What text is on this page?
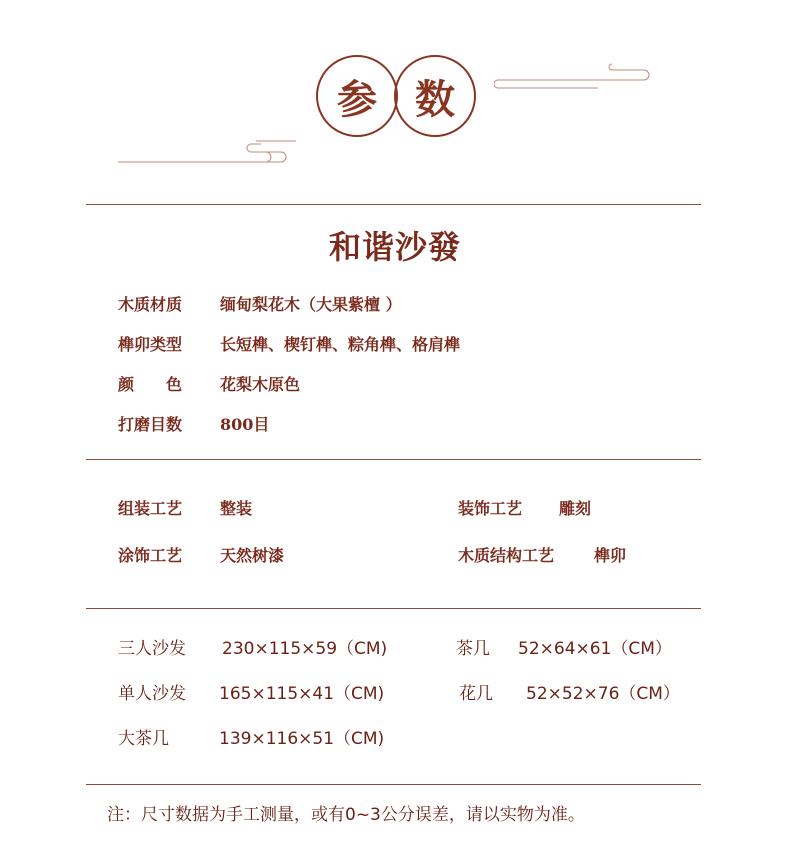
参 数
和谐沙發
木质材质 缅甸梨花木（大果紫檀 ）
榫卯类型 长短榫、楔钉榫、粽角榫、格肩榫
颜　　色 花梨木原色
打磨目数 800目
组装工艺 整装	装饰工艺 雕刻
涂饰工艺 天然树漆	木质结构工艺 榫卯
三人沙发 230×115×59（CM)	茶几 52×64×61（CM）
单人沙发 165×115×41（CM)	花几 52×52×76（CM）
大茶几	139×116×51（CM)
注：尺寸数据为手工测量，或有0~3公分误差，请以实物为准。
